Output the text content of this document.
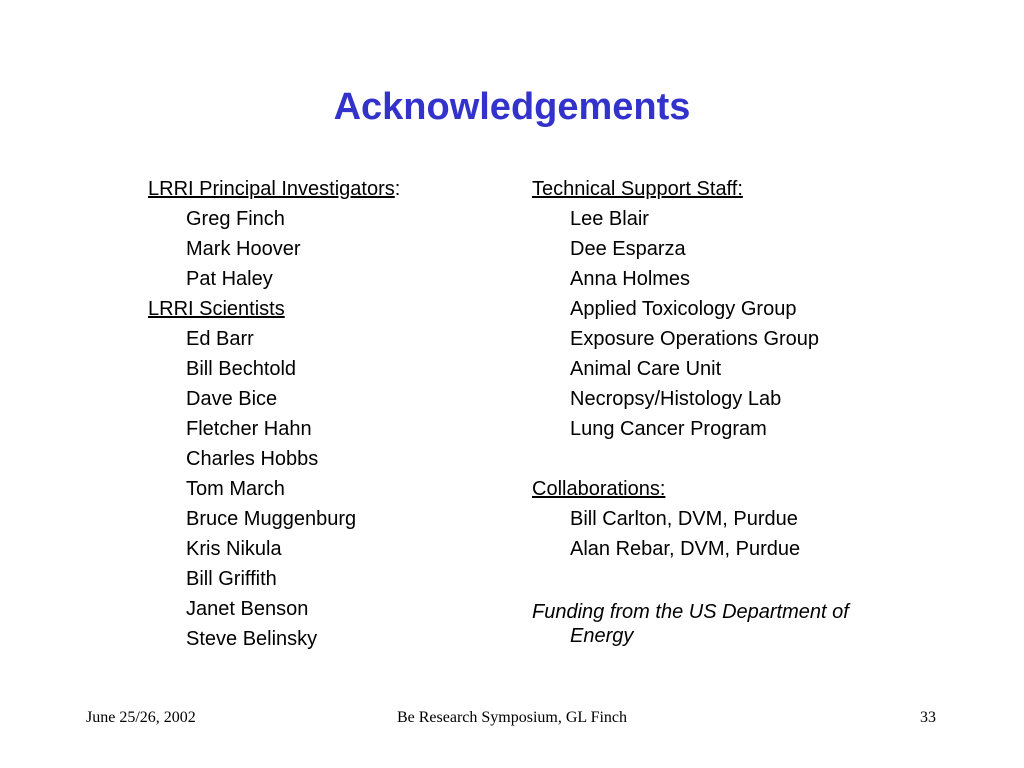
Acknowledgements
LRRI Principal Investigators:
Greg Finch
Mark Hoover
Pat Haley
LRRI Scientists
Ed Barr
Bill Bechtold
Dave Bice
Fletcher Hahn
Charles Hobbs
Tom March
Bruce Muggenburg
Kris Nikula
Bill Griffith
Janet Benson
Steve Belinsky
Technical Support Staff:
Lee Blair
Dee Esparza
Anna Holmes
Applied Toxicology Group
Exposure Operations Group
Animal Care Unit
Necropsy/Histology Lab
Lung Cancer Program
Collaborations:
Bill Carlton, DVM, Purdue
Alan Rebar, DVM, Purdue
Funding from the US Department of
Energy
June 25/26, 2002	Be Research Symposium, GL Finch	33
